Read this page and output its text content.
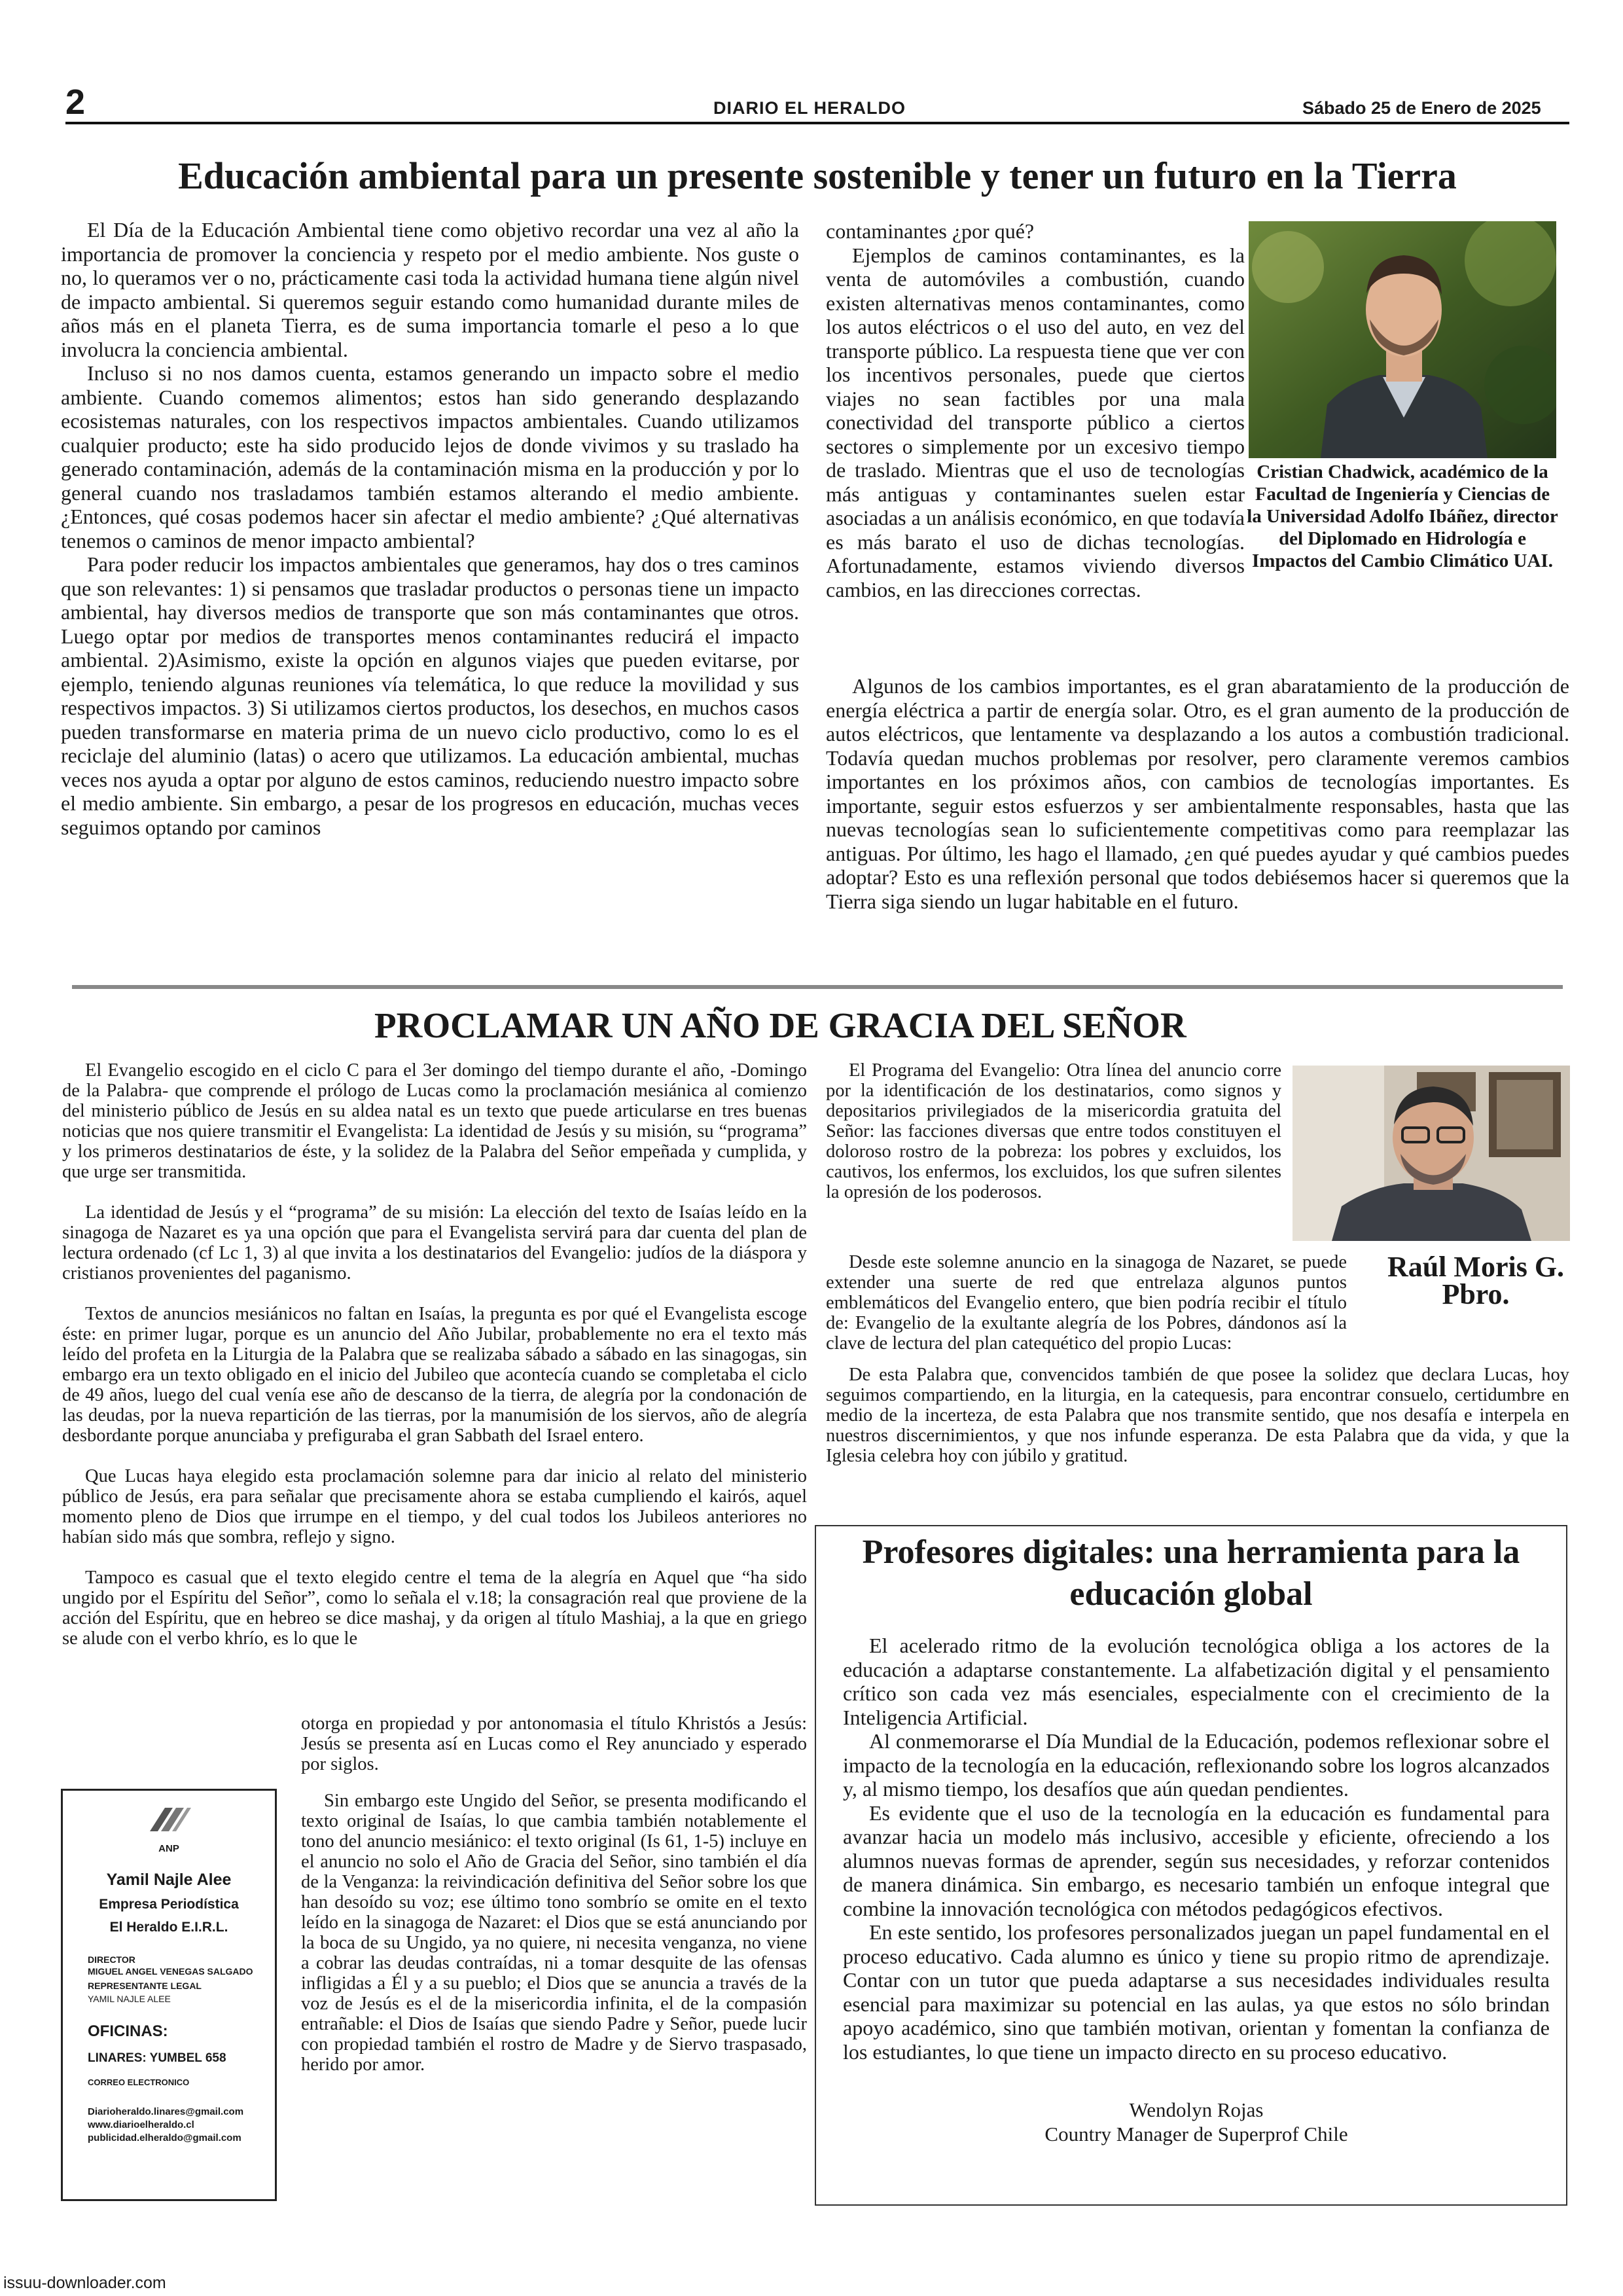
2	DIARIO EL HERALDO	Sábado 25 de Enero de 2025
Educación ambiental para un presente sostenible y tener un futuro en la Tierra

El Día de la Educación Ambiental tiene como objetivo recordar una vez al año la importancia de promover la conciencia y respeto por el medio ambiente. Nos guste o no, lo queramos ver o no, prácticamente casi toda la actividad humana tiene algún nivel de impacto ambiental. Si queremos seguir estando como humanidad durante miles de años más en el planeta Tierra, es de suma importancia tomarle el peso a lo que involucra la conciencia ambiental.

Incluso si no nos damos cuenta, estamos generando un impacto sobre el medio ambiente. Cuando comemos alimentos; estos han sido generando desplazando ecosistemas naturales, con los respectivos impactos ambientales. Cuando utilizamos cualquier producto; este ha sido producido lejos de donde vivimos y su traslado ha generado contaminación, además de la contaminación misma en la producción y por lo general cuando nos trasladamos también estamos alterando el medio ambiente. ¿Entonces, qué cosas podemos hacer sin afectar el medio ambiente? ¿Qué alternativas tenemos o caminos de menor impacto ambiental?

Para poder reducir los impactos ambientales que generamos, hay dos o tres caminos que son relevantes: 1) si pensamos que trasladar productos o personas tiene un impacto ambiental, hay diversos medios de transporte que son más contaminantes que otros. Luego optar por medios de transportes menos contaminantes reducirá el impacto ambiental. 2)Asimismo, existe la opción en algunos viajes que pueden evitarse, por ejemplo, teniendo algunas reuniones vía telemática, lo que reduce la movilidad y sus respectivos impactos. 3) Si utilizamos ciertos productos, los desechos, en muchos casos pueden transformarse en materia prima de un nuevo ciclo productivo, como lo es el reciclaje del aluminio (latas) o acero que utilizamos. La educación ambiental, muchas veces nos ayuda a optar por alguno de estos caminos, reduciendo nuestro impacto sobre el medio ambiente. Sin embargo, a pesar de los progresos en educación, muchas veces seguimos optando por caminos

contaminantes ¿por qué?

Ejemplos de caminos contaminantes, es la venta de automóviles a combustión, cuando existen alternativas menos contaminantes, como los autos eléctricos o el uso del auto, en vez del transporte público. La respuesta tiene que ver con los incentivos personales, puede que ciertos viajes no sean factibles por una mala conectividad del transporte público a ciertos sectores o simplemente por un excesivo tiempo de traslado. Mientras que el uso de tecnologías más antiguas y contaminantes suelen estar asociadas a un análisis económico, en que todavía es más barato el uso de dichas tecnologías. Afortunadamente, estamos viviendo diversos cambios, en las direcciones correctas.

Cristian Chadwick, académico de la Facultad de Ingeniería y Ciencias de la Universidad Adolfo Ibáñez, director del Diplomado en Hidrología e Impactos del Cambio Climático UAI.

Algunos de los cambios importantes, es el gran abaratamiento de la producción de energía eléctrica a partir de energía solar. Otro, es el gran aumento de la producción de autos eléctricos, que lentamente va desplazando a los autos a combustión tradicional. Todavía quedan muchos problemas por resolver, pero claramente veremos cambios importantes en los próximos años, con cambios de tecnologías importantes. Es importante, seguir estos esfuerzos y ser ambientalmente responsables, hasta que las nuevas tecnologías sean lo suficientemente competitivas como para reemplazar las antiguas. Por último, les hago el llamado, ¿en qué puedes ayudar y qué cambios puedes adoptar? Esto es una reflexión personal que todos debiésemos hacer si queremos que la Tierra siga siendo un lugar habitable en el futuro.

PROCLAMAR UN AÑO DE GRACIA DEL SEÑOR

El Evangelio escogido en el ciclo C para el 3er domingo del tiempo durante el año, -Domingo de la Palabra- que comprende el prólogo de Lucas como la proclamación mesiánica al comienzo del ministerio público de Jesús en su aldea natal es un texto que puede articularse en tres buenas noticias que nos quiere transmitir el Evangelista: La identidad de Jesús y su misión, su “programa” y los primeros destinatarios de éste, y la solidez de la Palabra del Señor empeñada y cumplida, y que urge ser transmitida.

La identidad de Jesús y el “programa” de su misión: La elección del texto de Isaías leído en la sinagoga de Nazaret es ya una opción que para el Evangelista servirá para dar cuenta del plan de lectura ordenado (cf Lc 1, 3) al que invita a los destinatarios del Evangelio: judíos de la diáspora y cristianos provenientes del paganismo.

Textos de anuncios mesiánicos no faltan en Isaías, la pregunta es por qué el Evangelista escoge éste: en primer lugar, porque es un anuncio del Año Jubilar, probablemente no era el texto más leído del profeta en la Liturgia de la Palabra que se realizaba sábado a sábado en las sinagogas, sin embargo era un texto obligado en el inicio del Jubileo que acontecía cuando se completaba el ciclo de 49 años, luego del cual venía ese año de descanso de la tierra, de alegría por la condonación de las deudas, por la nueva repartición de las tierras, por la manumisión de los siervos, año de alegría desbordante porque anunciaba y prefiguraba el gran Sabbath del Israel entero.

Que Lucas haya elegido esta proclamación solemne para dar inicio al relato del ministerio público de Jesús, era para señalar que precisamente ahora se estaba cumpliendo el kairós, aquel momento pleno de Dios que irrumpe en el tiempo, y del cual todos los Jubileos anteriores no habían sido más que sombra, reflejo y signo.

Tampoco es casual que el texto elegido centre el tema de la alegría en Aquel que “ha sido ungido por el Espíritu del Señor”, como lo señala el v.18; la consagración real que proviene de la acción del Espíritu, que en hebreo se dice mashaj, y da origen al título Mashiaj, a la que en griego se alude con el verbo khrío, es lo que le

otorga en propiedad y por antonomasia el título Khristós a Jesús: Jesús se presenta así en Lucas como el Rey anunciado y esperado por siglos.

Sin embargo este Ungido del Señor, se presenta modificando el texto original de Isaías, lo que cambia también notablemente el tono del anuncio mesiánico: el texto original (Is 61, 1-5) incluye en el anuncio no solo el Año de Gracia del Señor, sino también el día de la Venganza: la reivindicación definitiva del Señor sobre los que han desoído su voz; ese último tono sombrío se omite en el texto leído en la sinagoga de Nazaret: el Dios que se está anunciando por la boca de su Ungido, ya no quiere, ni necesita venganza, no viene a cobrar las deudas contraídas, ni a tomar desquite de las ofensas infligidas a Él y a su pueblo; el Dios que se anuncia a través de la voz de Jesús es el de la misericordia infinita, el de la compasión entrañable: el Dios de Isaías que siendo Padre y Señor, puede lucir con propiedad también el rostro de Madre y de Siervo traspasado, herido por amor.

El Programa del Evangelio: Otra línea del anuncio corre por la identificación de los destinatarios, como signos y depositarios privilegiados de la misericordia gratuita del Señor: las facciones diversas que entre todos constituyen el doloroso rostro de la pobreza: los pobres y excluidos, los cautivos, los enfermos, los excluidos, los que sufren silentes la opresión de los poderosos.

Desde este solemne anuncio en la sinagoga de Nazaret, se puede extender una suerte de red que entrelaza algunos puntos emblemáticos del Evangelio entero, que bien podría recibir el título de: Evangelio de la exultante alegría de los Pobres, dándonos así la clave de lectura del plan catequético del propio Lucas:

Raúl Moris G.
Pbro.

De esta Palabra que, convencidos también de que posee la solidez que declara Lucas, hoy seguimos compartiendo, en la liturgia, en la catequesis, para encontrar consuelo, certidumbre en medio de la incerteza, de esta Palabra que nos transmite sentido, que nos desafía e interpela en nuestros discernimientos, y que nos infunde esperanza. De esta Palabra que da vida, y que la Iglesia celebra hoy con júbilo y gratitud.

ANP
Yamil Najle Alee
Empresa Periodística
El Heraldo E.I.R.L.
DIRECTOR
MIGUEL ANGEL VENEGAS SALGADO
REPRESENTANTE LEGAL
YAMIL NAJLE ALEE
OFICINAS:
LINARES: YUMBEL 658
CORREO ELECTRONICO
Diarioheraldo.linares@gmail.com
www.diarioelheraldo.cl
publicidad.elheraldo@gmail.com
Profesores digitales: una herramienta para la educación global

El acelerado ritmo de la evolución tecnológica obliga a los actores de la educación a adaptarse constantemente. La alfabetización digital y el pensamiento crítico son cada vez más esenciales, especialmente con el crecimiento de la Inteligencia Artificial.

Al conmemorarse el Día Mundial de la Educación, podemos reflexionar sobre el impacto de la tecnología en la educación, reflexionando sobre los logros alcanzados y, al mismo tiempo, los desafíos que aún quedan pendientes.

Es evidente que el uso de la tecnología en la educación es fundamental para avanzar hacia un modelo más inclusivo, accesible y eficiente, ofreciendo a los alumnos nuevas formas de aprender, según sus necesidades, y reforzar contenidos de manera dinámica. Sin embargo, es necesario también un enfoque integral que combine la innovación tecnológica con métodos pedagógicos efectivos.

En este sentido, los profesores personalizados juegan un papel fundamental en el proceso educativo. Cada alumno es único y tiene su propio ritmo de aprendizaje. Contar con un tutor que pueda adaptarse a sus necesidades individuales resulta esencial para maximizar su potencial en las aulas, ya que estos no sólo brindan apoyo académico, sino que también motivan, orientan y fomentan la confianza de los estudiantes, lo que tiene un impacto directo en su proceso educativo.

Wendolyn Rojas
Country Manager de Superprof Chile
issuu-downloader.com
